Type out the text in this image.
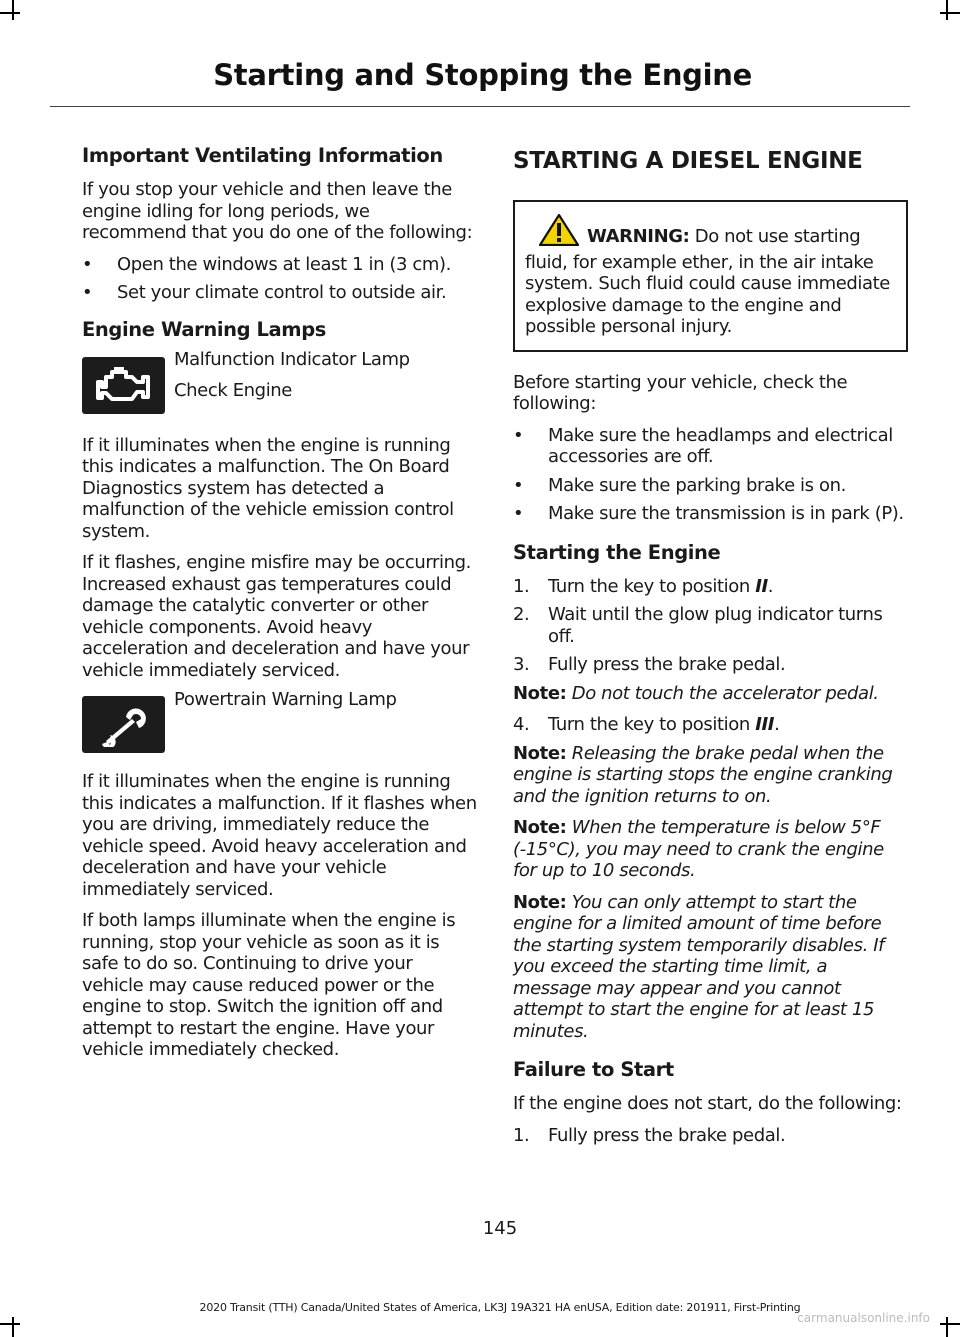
Starting and Stopping the Engine
Important Ventilating Information

If you stop your vehicle and then leave the engine idling for long periods, we recommend that you do one of the following:

• Open the windows at least 1 in (3 cm).
• Set your climate control to outside air.
Engine Warning Lamps
Malfunction Indicator Lamp
Check Engine

If it illuminates when the engine is running this indicates a malfunction. The On Board Diagnostics system has detected a malfunction of the vehicle emission control system.

If it flashes, engine misfire may be occurring. Increased exhaust gas temperatures could damage the catalytic converter or other vehicle components. Avoid heavy acceleration and deceleration and have your vehicle immediately serviced.

Powertrain Warning Lamp

If it illuminates when the engine is running this indicates a malfunction. If it flashes when you are driving, immediately reduce the vehicle speed. Avoid heavy acceleration and deceleration and have your vehicle immediately serviced.

If both lamps illuminate when the engine is running, stop your vehicle as soon as it is safe to do so. Continuing to drive your vehicle may cause reduced power or the engine to stop. Switch the ignition off and attempt to restart the engine. Have your vehicle immediately checked.

STARTING A DIESEL ENGINE
WARNING: Do not use starting fluid, for example ether, in the air intake system. Such fluid could cause immediate explosive damage to the engine and possible personal injury.

Before starting your vehicle, check the following:

• Make sure the headlamps and electrical accessories are off.
• Make sure the parking brake is on.
• Make sure the transmission is in park (P).
Starting the Engine
1. Turn the key to position II.
2. Wait until the glow plug indicator turns off.
3. Fully press the brake pedal.

Note: Do not touch the accelerator pedal.

4. Turn the key to position III.

Note: Releasing the brake pedal when the engine is starting stops the engine cranking and the ignition returns to on.

Note: When the temperature is below 5°F (-15°C), you may need to crank the engine for up to 10 seconds.

Note: You can only attempt to start the engine for a limited amount of time before the starting system temporarily disables. If you exceed the starting time limit, a message may appear and you cannot attempt to start the engine for at least 15 minutes.

Failure to Start

If the engine does not start, do the following:

1. Fully press the brake pedal.
145
2020 Transit (TTH) Canada/United States of America, LK3J 19A321 HA enUSA, Edition date: 201911, First-Printing
carmanualsonline.info
